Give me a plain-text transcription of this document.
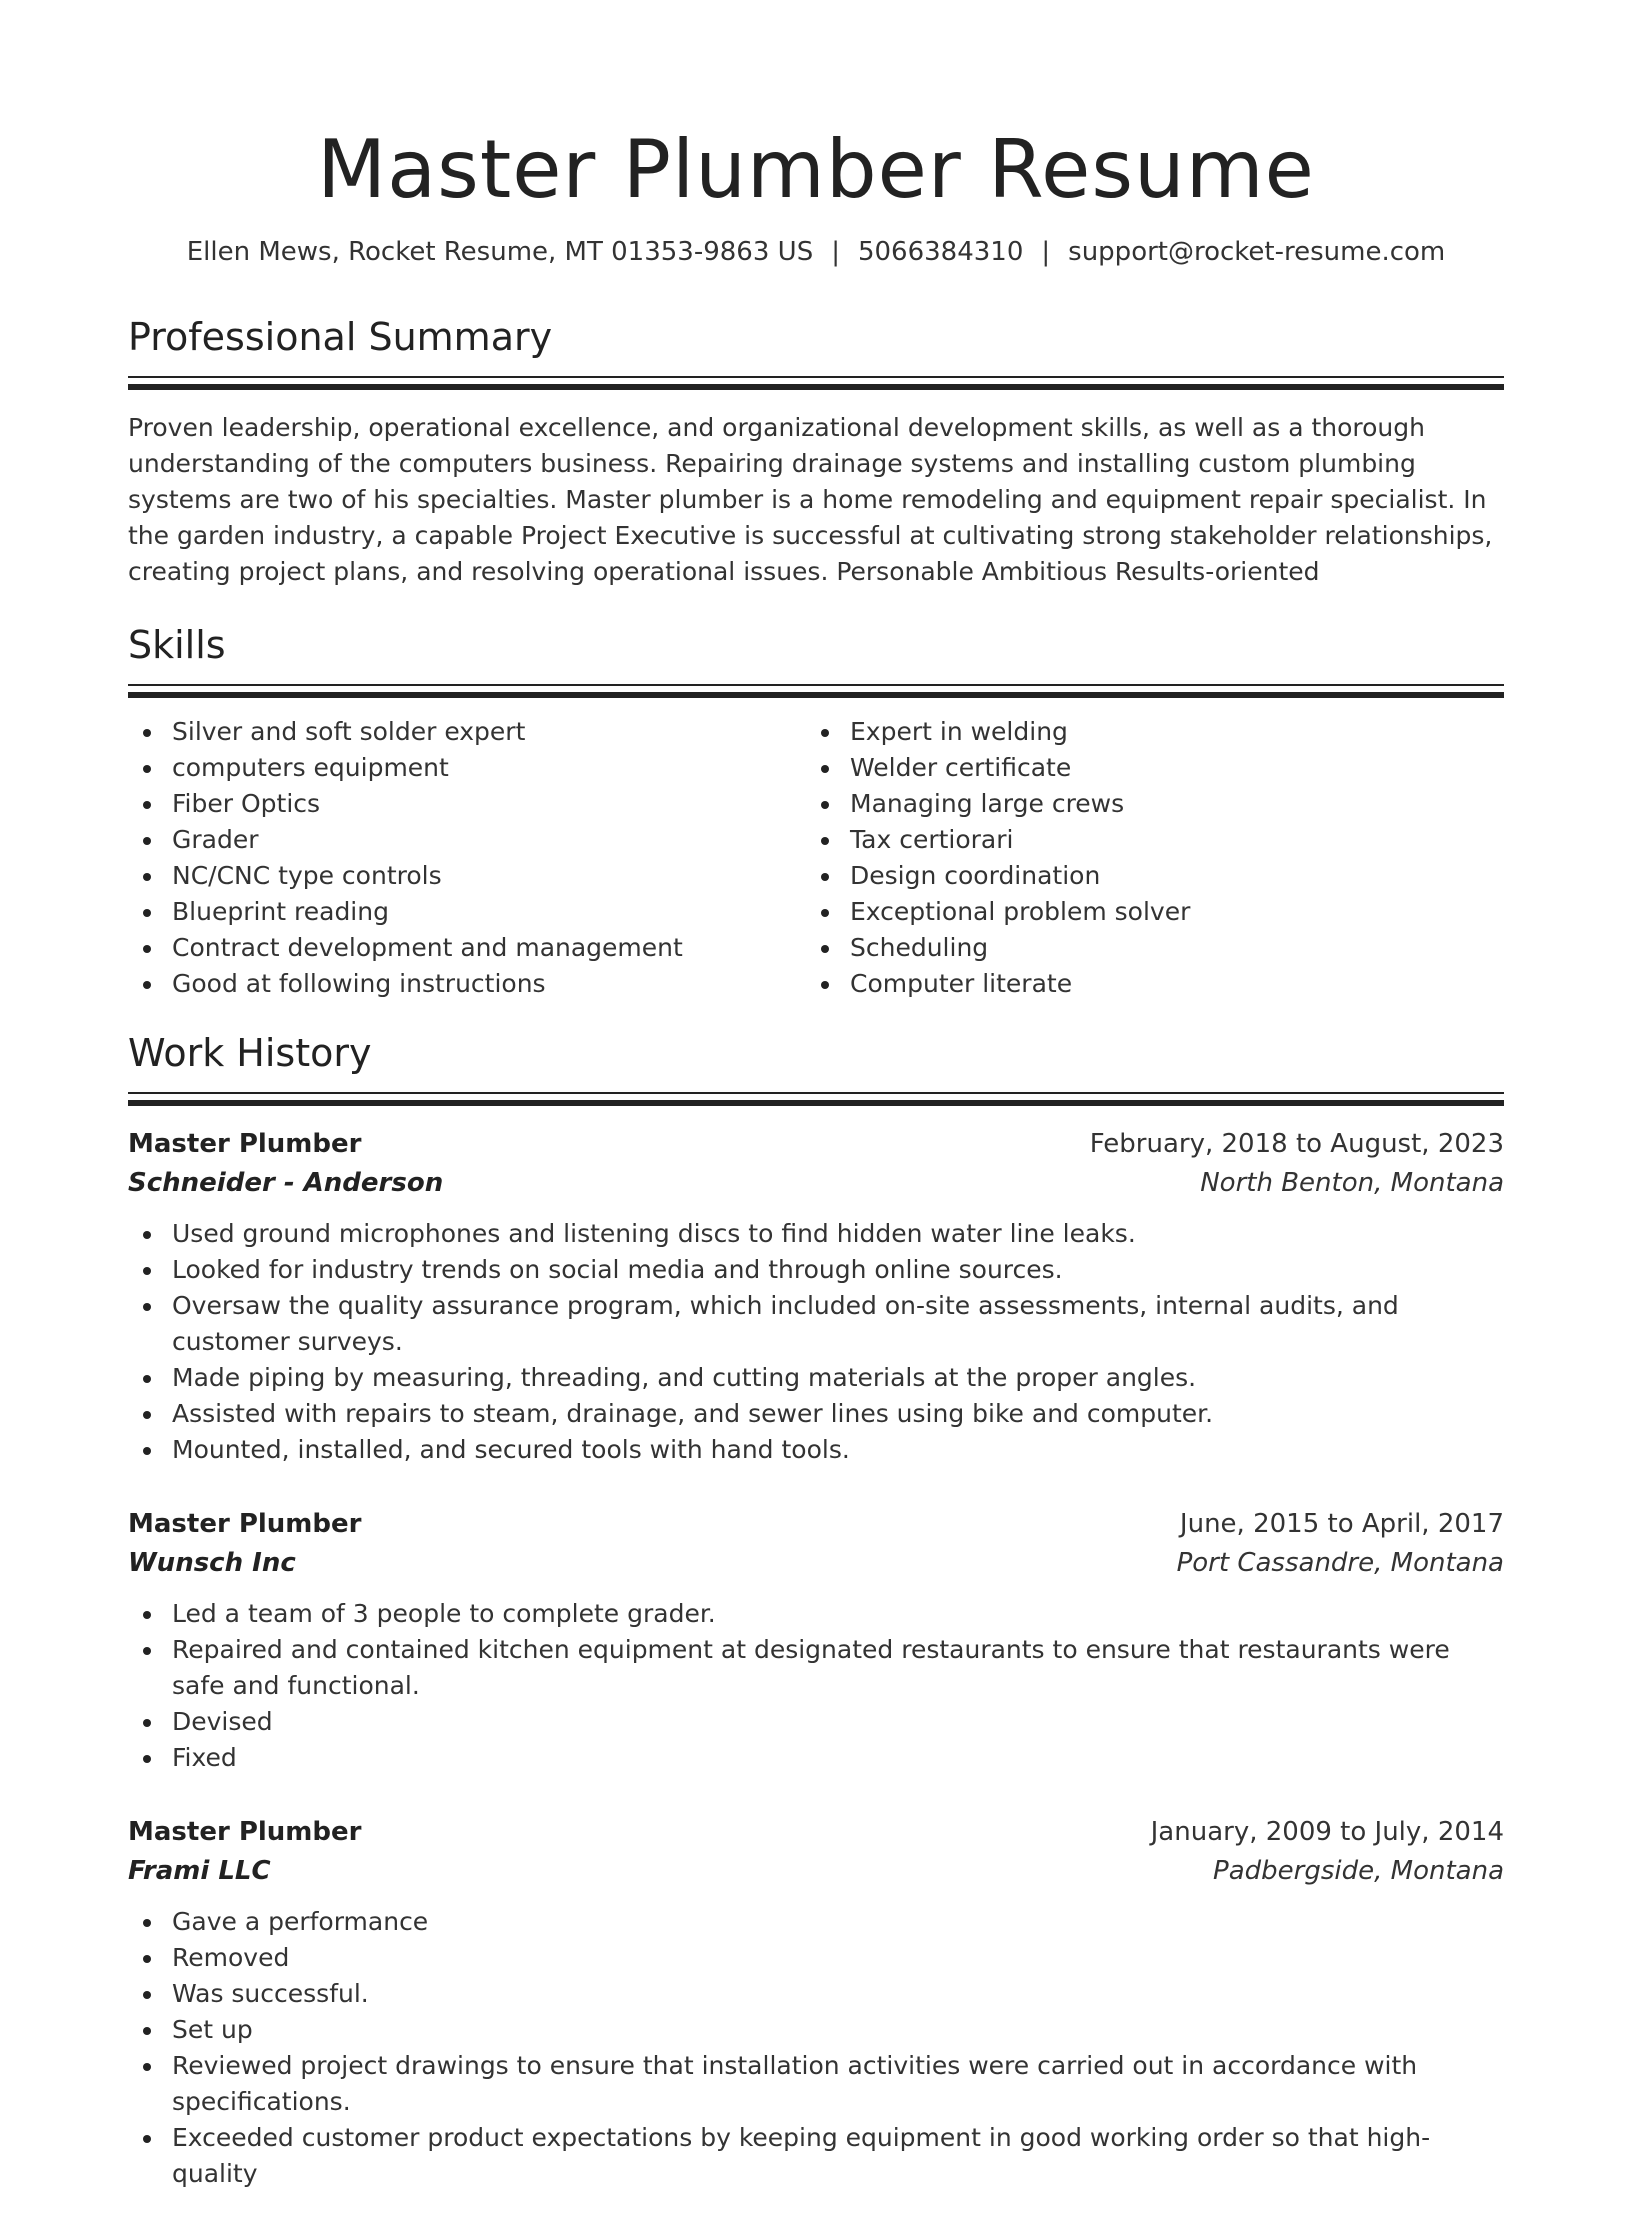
Master Plumber Resume
Ellen Mews, Rocket Resume, MT 01353-9863 US | 5066384310 | support@rocket-resume.com
Professional Summary

Proven leadership, operational excellence, and organizational development skills, as well as a thorough understanding of the computers business. Repairing drainage systems and installing custom plumbing systems are two of his specialties. Master plumber is a home remodeling and equipment repair specialist. In the garden industry, a capable Project Executive is successful at cultivating strong stakeholder relationships, creating project plans, and resolving operational issues. Personable Ambitious Results-oriented

Skills
Silver and soft solder expert
computers equipment
Fiber Optics
Grader
NC/CNC type controls
Blueprint reading
Contract development and management
Good at following instructions
Expert in welding
Welder certificate
Managing large crews
Tax certiorari
Design coordination
Exceptional problem solver
Scheduling
Computer literate
Work History
Master Plumber	February, 2018 to August, 2023
Schneider - Anderson	North Benton, Montana
Used ground microphones and listening discs to find hidden water line leaks.
Looked for industry trends on social media and through online sources.
Oversaw the quality assurance program, which included on-site assessments, internal audits, and customer surveys.
Made piping by measuring, threading, and cutting materials at the proper angles.
Assisted with repairs to steam, drainage, and sewer lines using bike and computer.
Mounted, installed, and secured tools with hand tools.
Master Plumber	June, 2015 to April, 2017
Wunsch Inc	Port Cassandre, Montana
Led a team of 3 people to complete grader.
Repaired and contained kitchen equipment at designated restaurants to ensure that restaurants were safe and functional.
Devised
Fixed
Master Plumber	January, 2009 to July, 2014
Frami LLC	Padbergside, Montana
Gave a performance
Removed
Was successful.
Set up
Reviewed project drawings to ensure that installation activities were carried out in accordance with specifications.
Exceeded customer product expectations by keeping equipment in good working order so that high-quality
